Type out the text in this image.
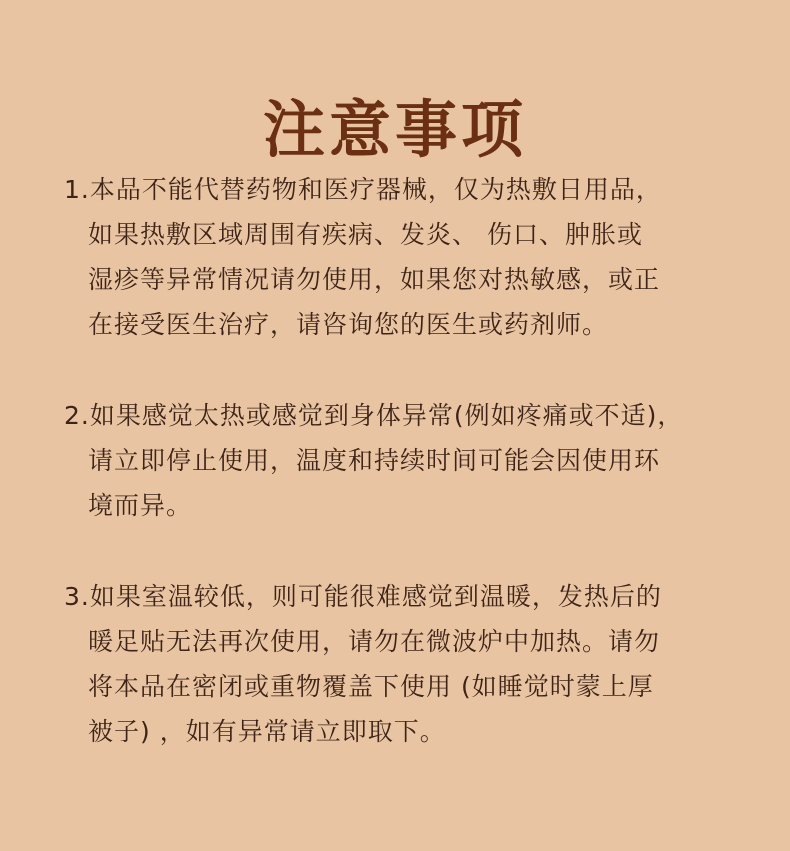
注意事项
1.本品不能代替药物和医疗器械，仅为热敷日用品，
如果热敷区域周围有疾病、发炎、 伤口、肿胀或
湿疹等异常情况请勿使用，如果您对热敏感，或正
在接受医生治疗，请咨询您的医生或药剂师。
2.如果感觉太热或感觉到身体异常(例如疼痛或不适)，
请立即停止使用，温度和持续时间可能会因使用环
境而异。
3.如果室温较低，则可能很难感觉到温暖，发热后的
暖足贴无法再次使用，请勿在微波炉中加热。请勿
将本品在密闭或重物覆盖下使用 (如睡觉时蒙上厚
被子) ，如有异常请立即取下。
